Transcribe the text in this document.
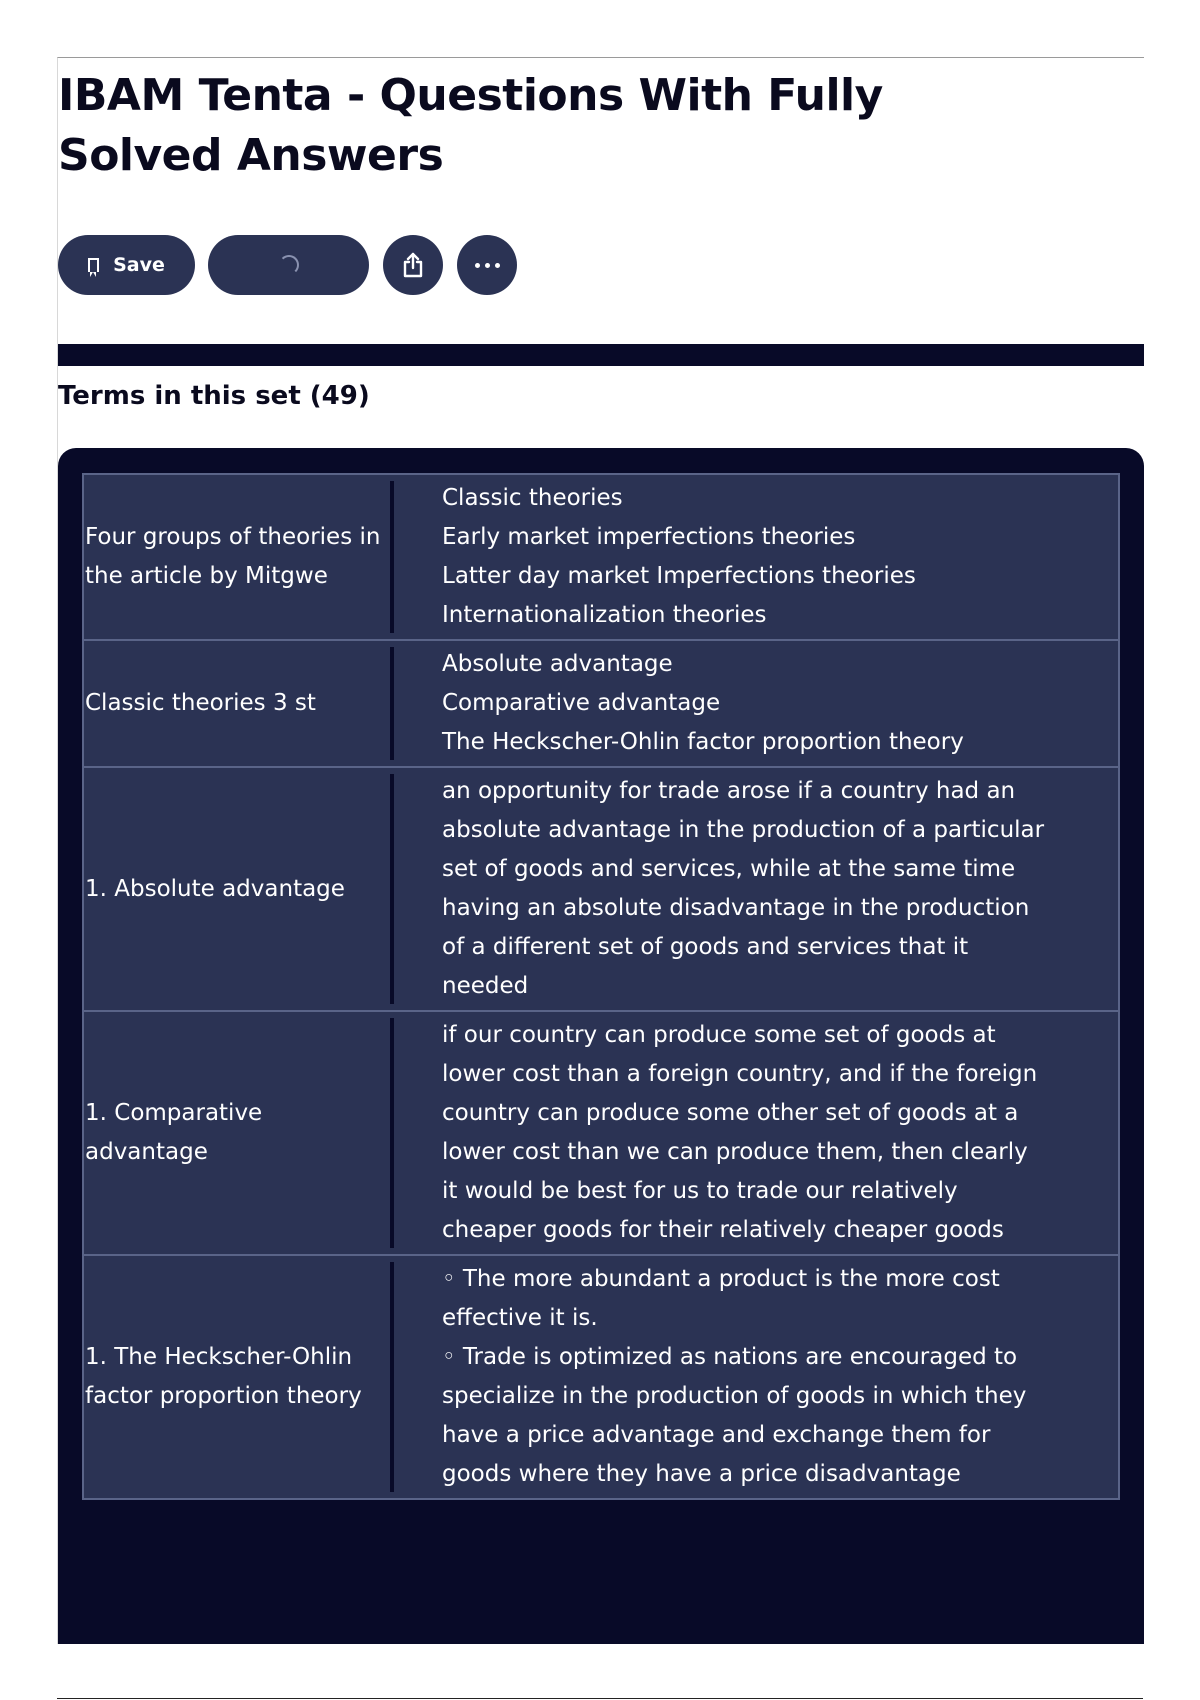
IBAM Tenta - Questions With Fully Solved Answers
Save
Terms in this set (49)
Four groups of theories in the article by Mitgwe
Classic theories
Early market imperfections theories
Latter day market Imperfections theories
Internationalization theories
Classic theories 3 st
Absolute advantage
Comparative advantage
The Heckscher-Ohlin factor proportion theory
1. Absolute advantage
an opportunity for trade arose if a country had an
absolute advantage in the production of a particular
set of goods and services, while at the same time
having an absolute disadvantage in the production
of a different set of goods and services that it
needed
1. Comparative advantage
if our country can produce some set of goods at
lower cost than a foreign country, and if the foreign
country can produce some other set of goods at a
lower cost than we can produce them, then clearly
it would be best for us to trade our relatively
cheaper goods for their relatively cheaper goods
1. The Heckscher-Ohlin factor proportion theory
◦ The more abundant a product is the more cost
effective it is.
◦ Trade is optimized as nations are encouraged to
specialize in the production of goods in which they
have a price advantage and exchange them for
goods where they have a price disadvantage
